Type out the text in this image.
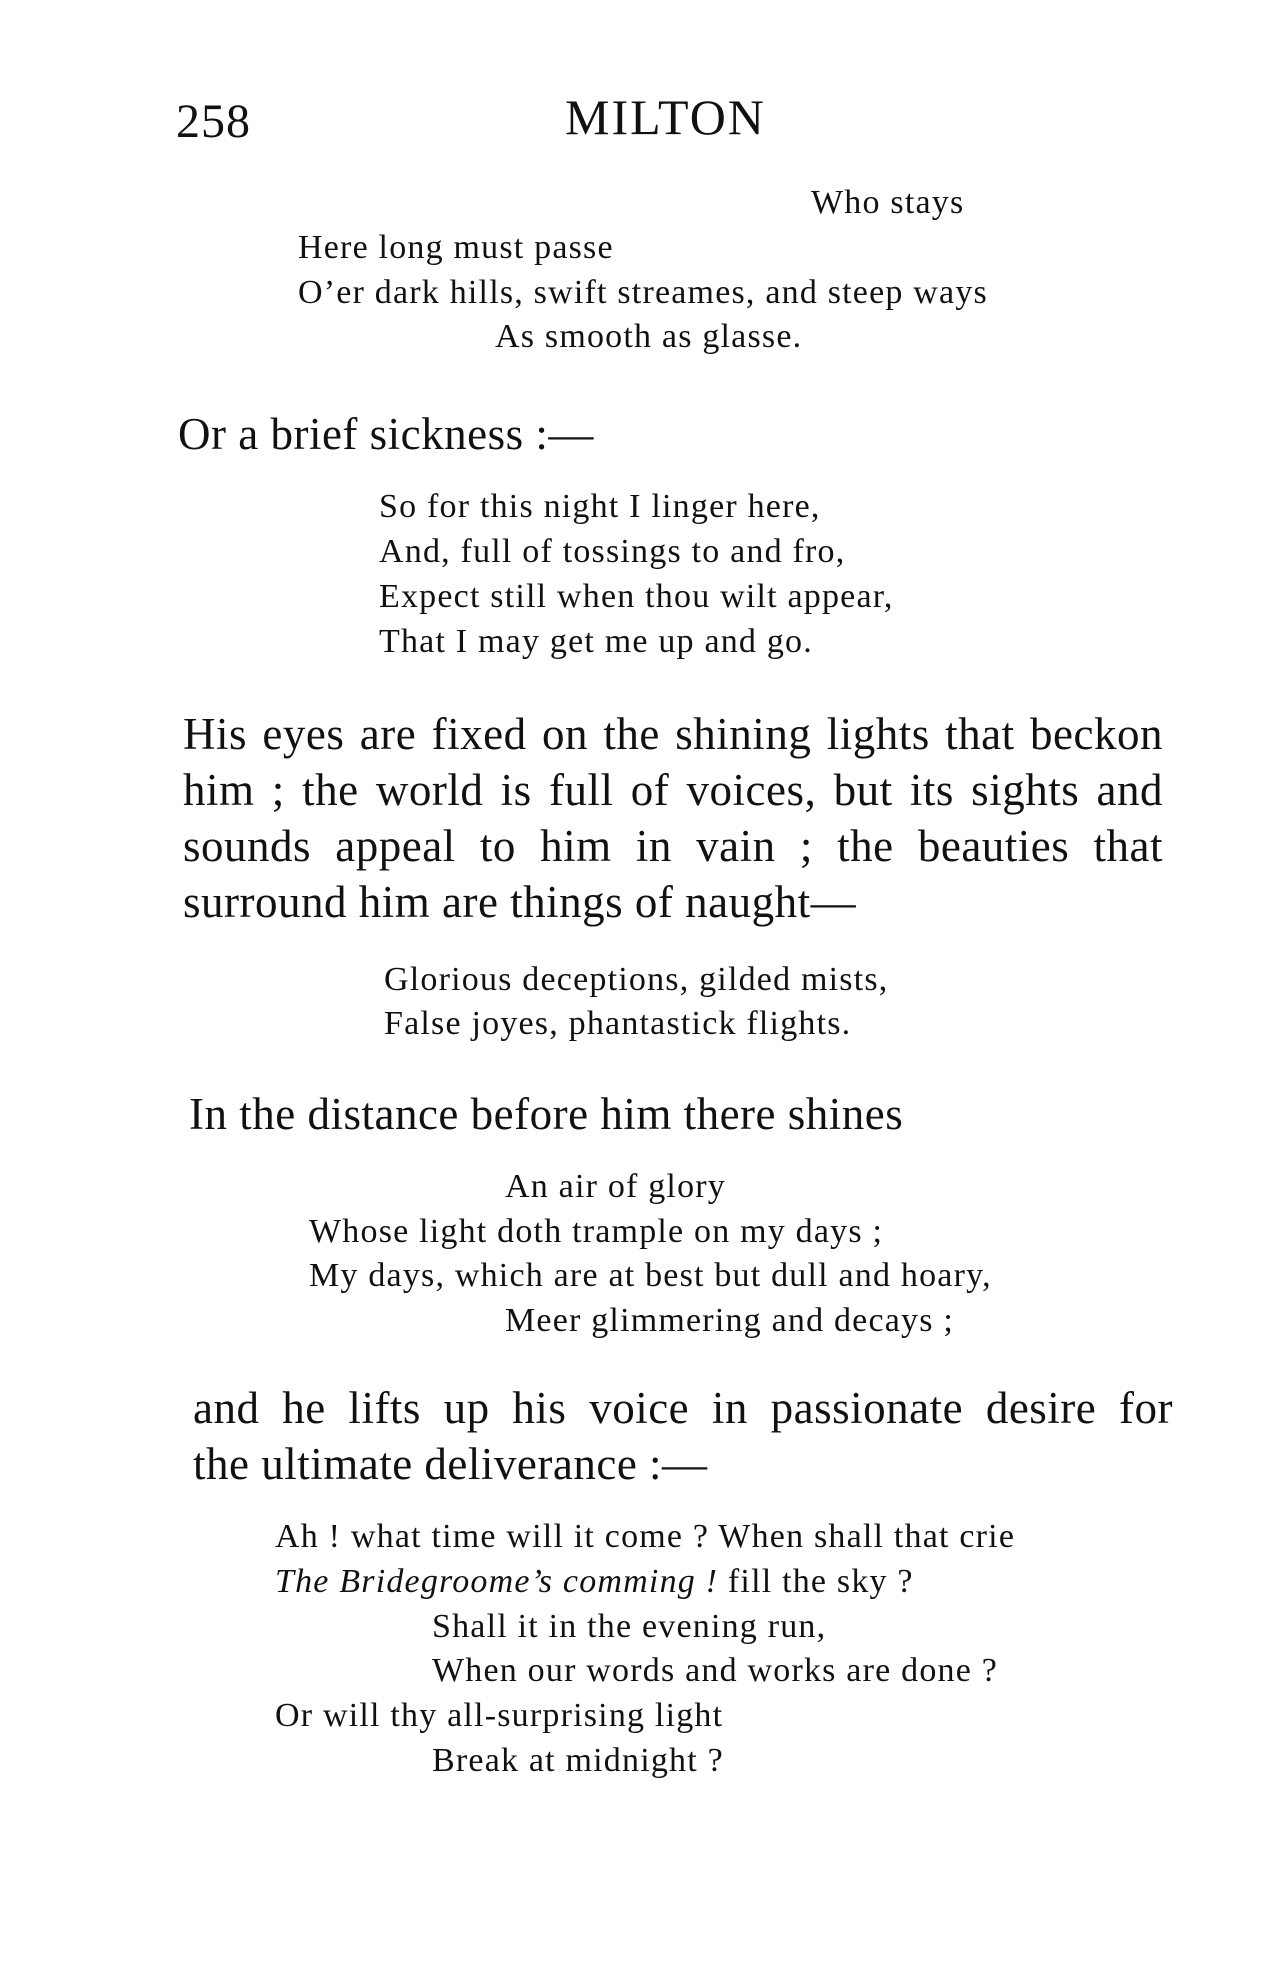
258	MILTON
Who stays
Here long must passe
O’er dark hills, swift streames, and steep ways
As smooth as glasse.
Or a brief sickness :—
So for this night I linger here,
And, full of tossings to and fro,
Expect still when thou wilt appear,
That I may get me up and go.
His eyes are fixed on the shining lights that beckon
him ; the world is full of voices, but its sights and
sounds appeal to him in vain ; the beauties that
surround him are things of naught—
Glorious deceptions, gilded mists,
False joyes, phantastick flights.
In the distance before him there shines
An air of glory
Whose light doth trample on my days ;
My days, which are at best but dull and hoary,
Meer glimmering and decays ;
and he lifts up his voice in passionate desire for
the ultimate deliverance :—
Ah ! what time will it come ? When shall that crie
The Bridegroome’s comming ! fill the sky ?
Shall it in the evening run,
When our words and works are done ?
Or will thy all-surprising light
Break at midnight ?
